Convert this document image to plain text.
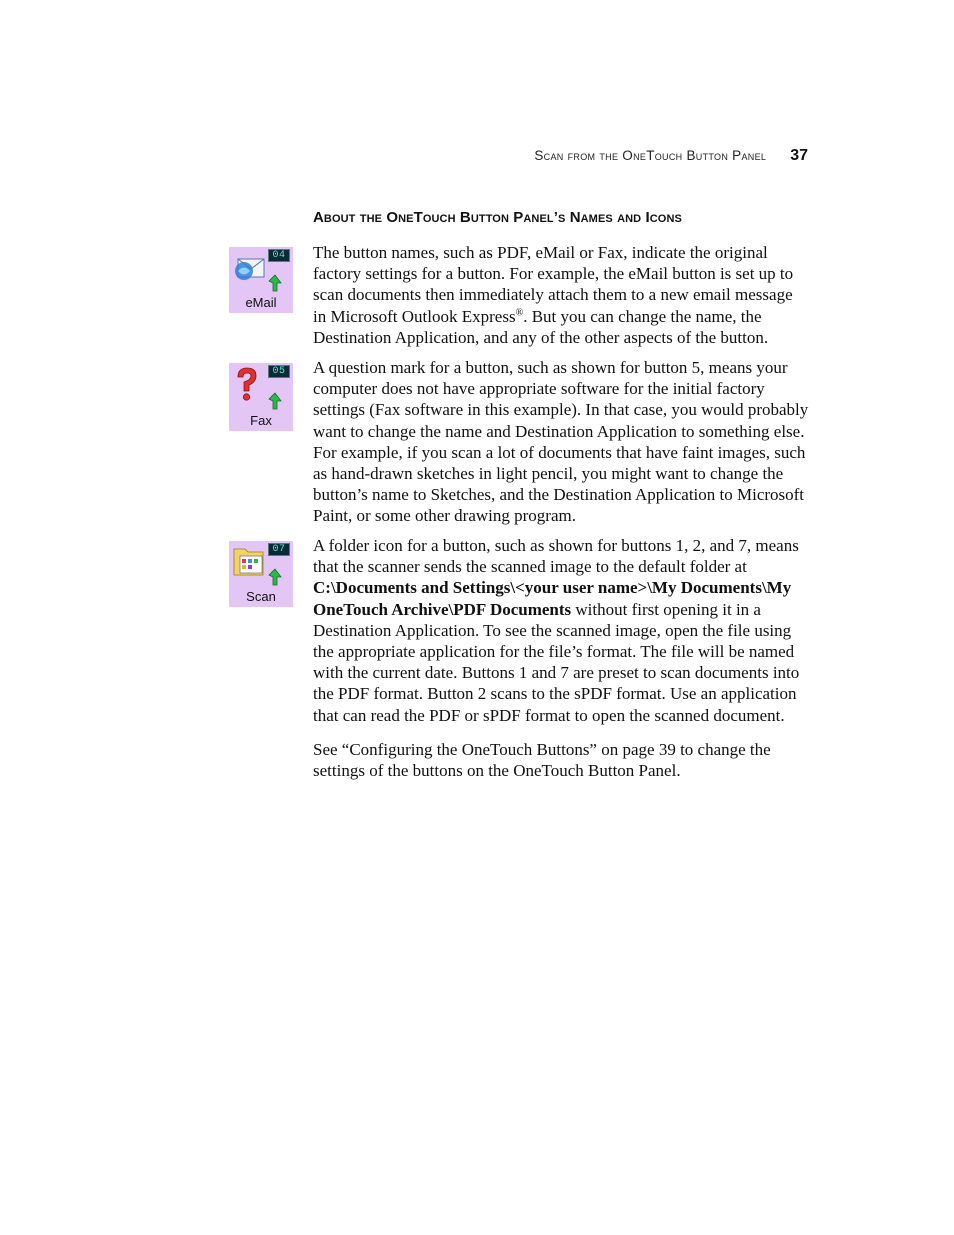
Scan from the OneTouch Button Panel 37
About the OneTouch Button Panel’s Names and Icons
04
eMail
05
Fax
07
Scan

The button names, such as PDF, eMail or Fax, indicate the original factory settings for a button. For example, the eMail button is set up to scan documents then immediately attach them to a new email message in Microsoft Outlook Express®. But you can change the name, the Destination Application, and any of the other aspects of the button.

A question mark for a button, such as shown for button 5, means your computer does not have appropriate software for the initial factory settings (Fax software in this example). In that case, you would probably want to change the name and Destination Application to something else. For example, if you scan a lot of documents that have faint images, such as hand-drawn sketches in light pencil, you might want to change the button’s name to Sketches, and the Destination Application to Microsoft Paint, or some other drawing program.

A folder icon for a button, such as shown for buttons 1, 2, and 7, means that the scanner sends the scanned image to the default folder at C:\Documents and Settings\<your user name>\My Documents\My OneTouch Archive\PDF Documents without first opening it in a Destination Application. To see the scanned image, open the file using the appropriate application for the file’s format. The file will be named with the current date. Buttons 1 and 7 are preset to scan documents into the PDF format. Button 2 scans to the sPDF format. Use an application that can read the PDF or sPDF format to open the scanned document.

See “Configuring the OneTouch Buttons” on page 39 to change the settings of the buttons on the OneTouch Button Panel.
